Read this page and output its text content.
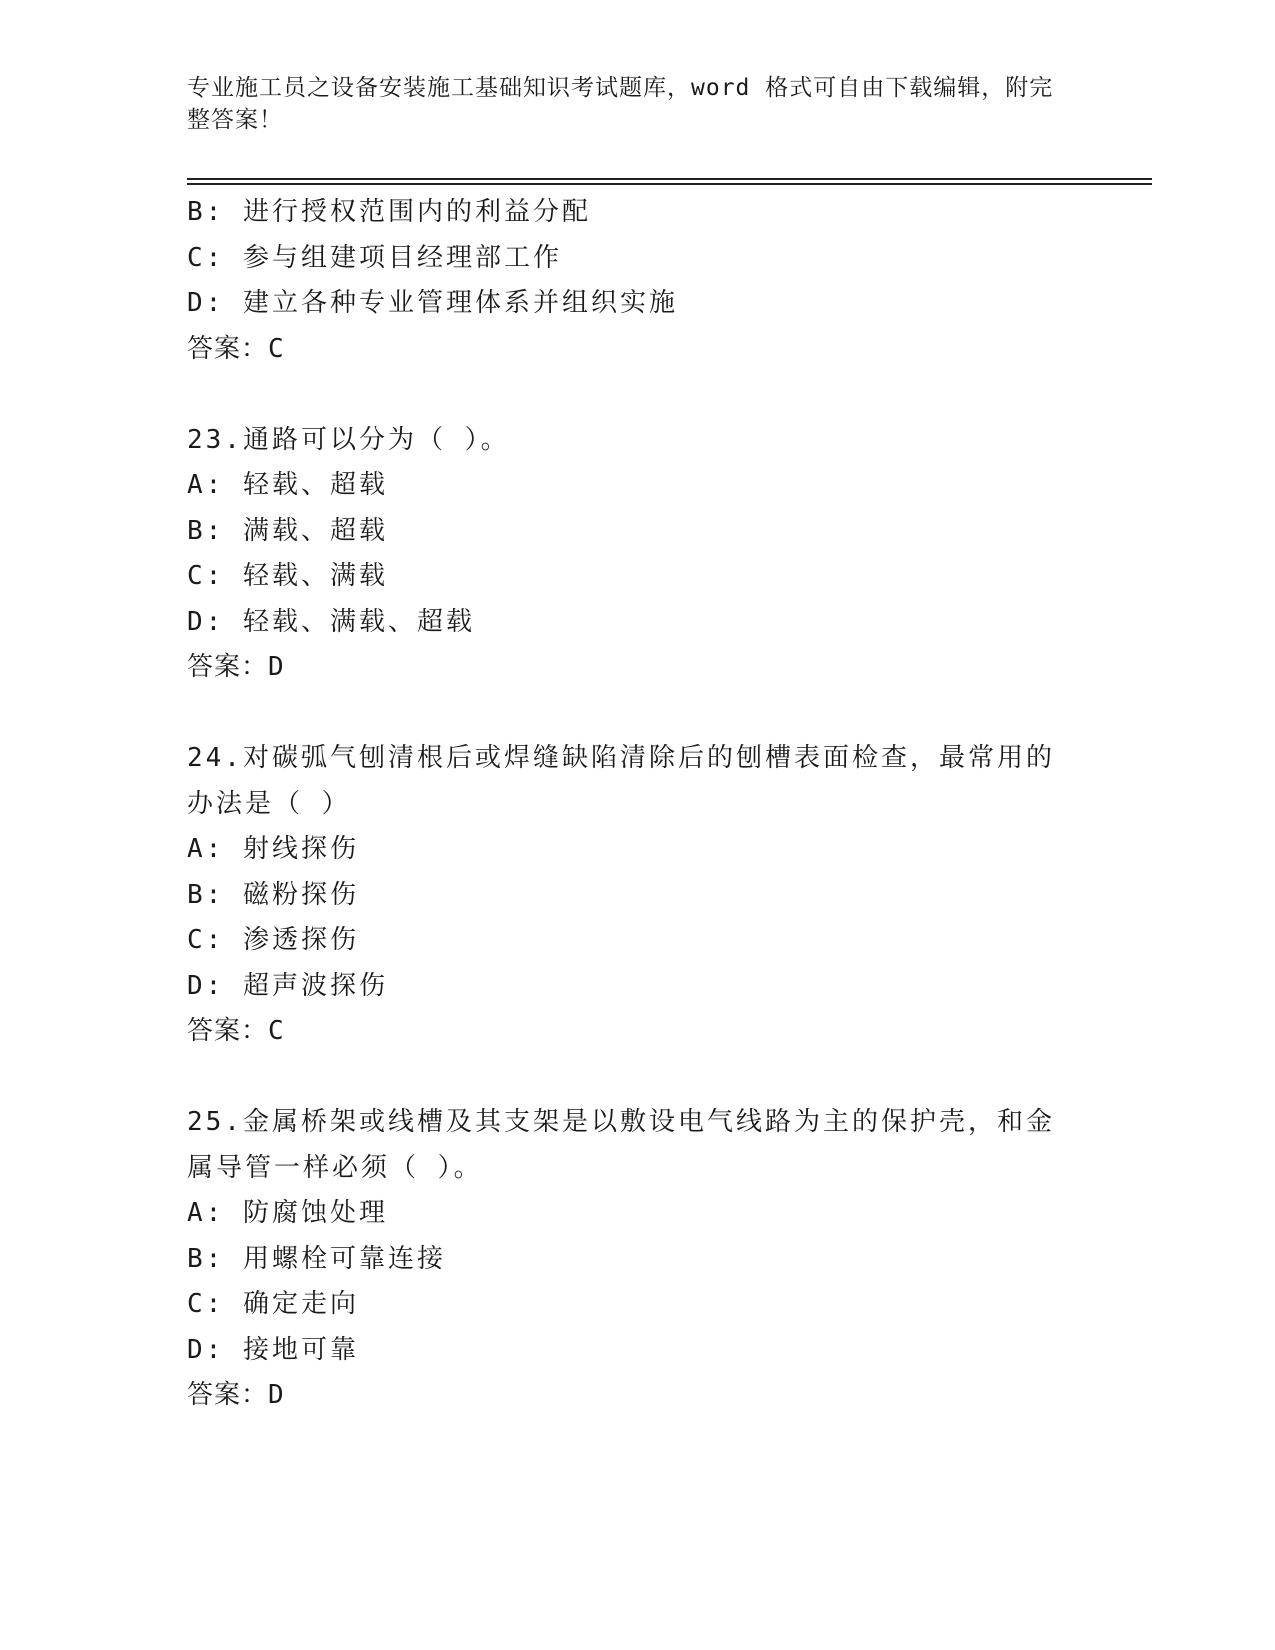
专业施工员之设备安装施工基础知识考试题库，word 格式可自由下载编辑，附完整答案！
B: 进行授权范围内的利益分配
C: 参与组建项目经理部工作
D: 建立各种专业管理体系并组织实施
答案：C
23.通路可以分为（ ）。
A: 轻载、超载
B: 满载、超载
C: 轻载、满载
D: 轻载、满载、超载
答案：D
24.对碳弧气刨清根后或焊缝缺陷清除后的刨槽表面检查，最常用的办法是（ ）
A: 射线探伤
B: 磁粉探伤
C: 渗透探伤
D: 超声波探伤
答案：C
25.金属桥架或线槽及其支架是以敷设电气线路为主的保护壳，和金属导管一样必须（ ）。
A: 防腐蚀处理
B: 用螺栓可靠连接
C: 确定走向
D: 接地可靠
答案：D
